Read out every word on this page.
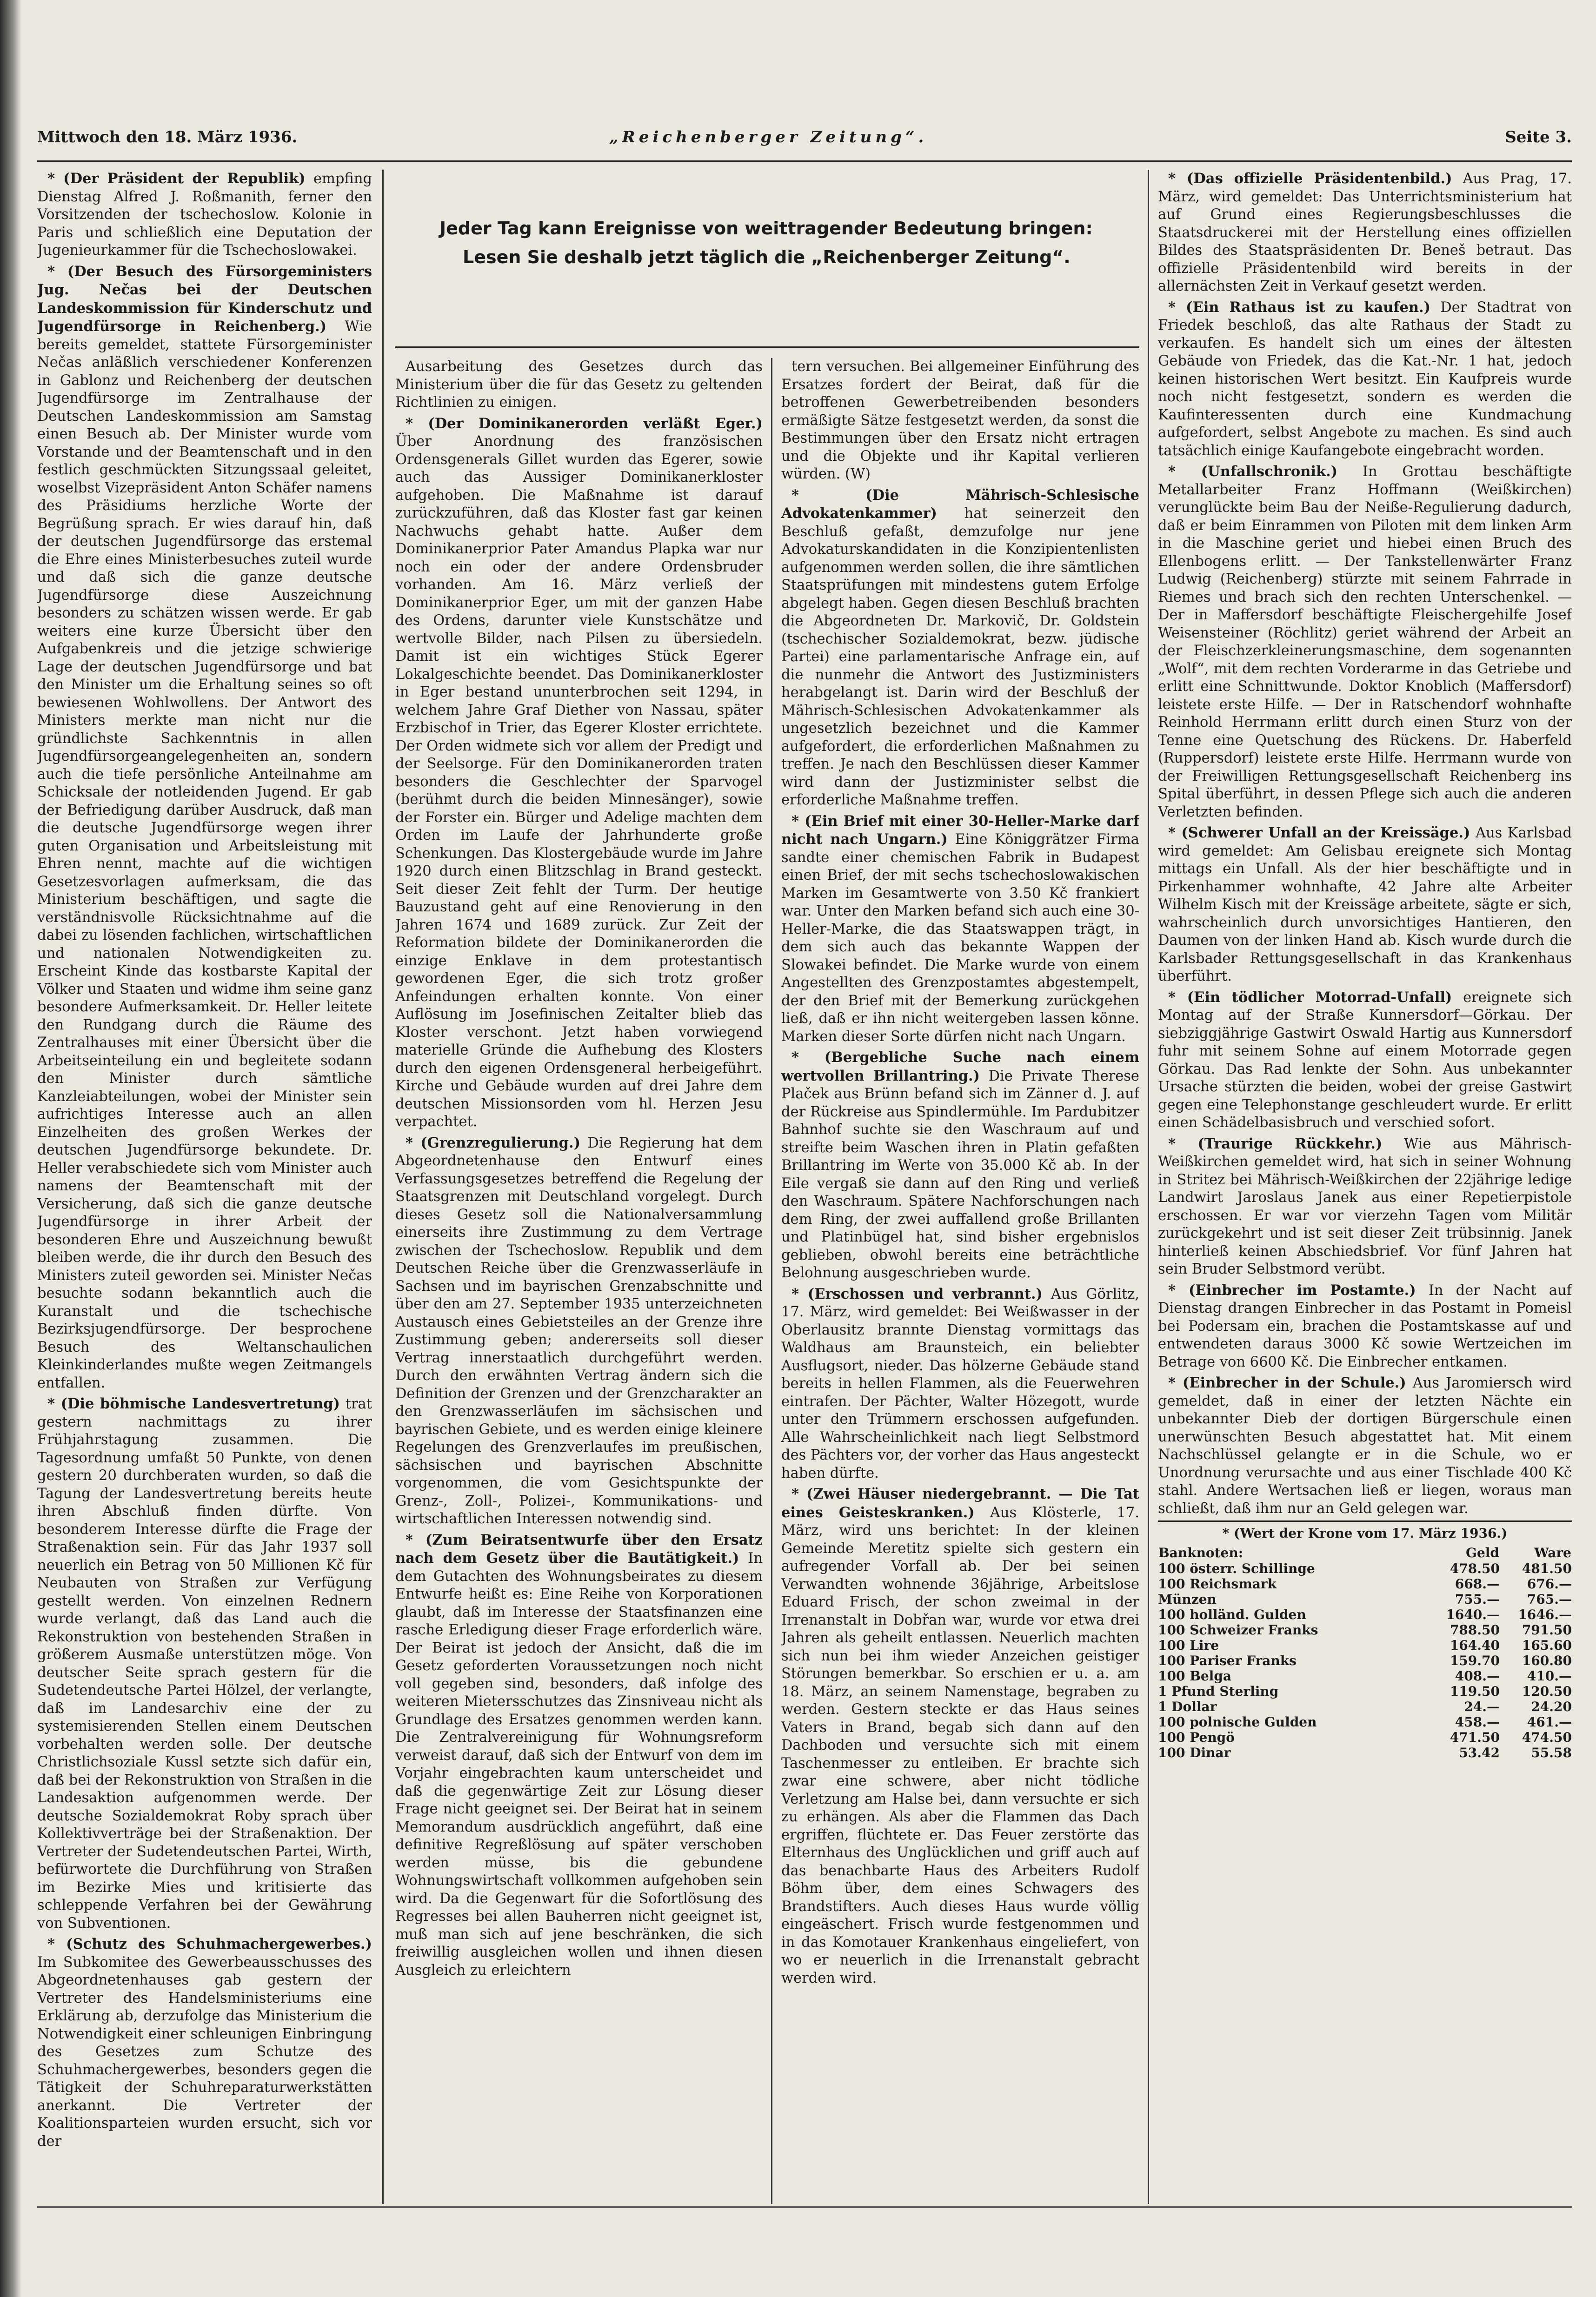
Mittwoch den 18. März 1936.	„Reichenberger Zeitung“.	Seite 3.

* (Der Präsident der Republik) empfing Dienstag Alfred J. Roßmanith, ferner den Vorsitzenden der tschechoslow. Kolonie in Paris und schließlich eine Deputation der Jugenieurkammer für die Tschechoslowakei.

* (Der Besuch des Fürsorgeministers Jug. Nečas bei der Deutschen Landeskommission für Kinderschutz und Jugendfürsorge in Reichenberg.) Wie bereits gemeldet, stattete Fürsorgeminister Nečas anläßlich verschiedener Konferenzen in Gablonz und Reichenberg der deutschen Jugendfürsorge im Zentralhause der Deutschen Landeskommission am Samstag einen Besuch ab. Der Minister wurde vom Vorstande und der Beamtenschaft und in den festlich geschmückten Sitzungssaal geleitet, woselbst Vizepräsident Anton Schäfer namens des Präsidiums herzliche Worte der Begrüßung sprach. Er wies darauf hin, daß der deutschen Jugendfürsorge das erstemal die Ehre eines Ministerbesuches zuteil wurde und daß sich die ganze deutsche Jugendfürsorge diese Auszeichnung besonders zu schätzen wissen werde. Er gab weiters eine kurze Übersicht über den Aufgabenkreis und die jetzige schwierige Lage der deutschen Jugendfürsorge und bat den Minister um die Erhaltung seines so oft bewiesenen Wohlwollens. Der Antwort des Ministers merkte man nicht nur die gründlichste Sachkenntnis in allen Jugendfürsorgeangelegenheiten an, sondern auch die tiefe persönliche Anteilnahme am Schicksale der notleidenden Jugend. Er gab der Befriedigung darüber Ausdruck, daß man die deutsche Jugendfürsorge wegen ihrer guten Organisation und Arbeitsleistung mit Ehren nennt, machte auf die wichtigen Gesetzesvorlagen aufmerksam, die das Ministerium beschäftigen, und sagte die verständnisvolle Rücksichtnahme auf die dabei zu lösenden fachlichen, wirtschaftlichen und nationalen Notwendigkeiten zu. Erscheint Kinde das kostbarste Kapital der Völker und Staaten und widme ihm seine ganz besondere Aufmerksamkeit. Dr. Heller leitete den Rundgang durch die Räume des Zentralhauses mit einer Übersicht über die Arbeitseinteilung ein und begleitete sodann den Minister durch sämtliche Kanzleiabteilungen, wobei der Minister sein aufrichtiges Interesse auch an allen Einzelheiten des großen Werkes der deutschen Jugendfürsorge bekundete. Dr. Heller verabschiedete sich vom Minister auch namens der Beamtenschaft mit der Versicherung, daß sich die ganze deutsche Jugendfürsorge in ihrer Arbeit der besonderen Ehre und Auszeichnung bewußt bleiben werde, die ihr durch den Besuch des Ministers zuteil geworden sei. Minister Nečas besuchte sodann bekanntlich auch die Kuranstalt und die tschechische Bezirksjugendfürsorge. Der besprochene Besuch des Weltanschaulichen Kleinkinderlandes mußte wegen Zeitmangels entfallen.

* (Die böhmische Landesvertretung) trat gestern nachmittags zu ihrer Frühjahrstagung zusammen. Die Tagesordnung umfaßt 50 Punkte, von denen gestern 20 durchberaten wurden, so daß die Tagung der Landesvertretung bereits heute ihren Abschluß finden dürfte. Von besonderem Interesse dürfte die Frage der Straßenaktion sein. Für das Jahr 1937 soll neuerlich ein Betrag von 50 Millionen Kč für Neubauten von Straßen zur Verfügung gestellt werden. Von einzelnen Rednern wurde verlangt, daß das Land auch die Rekonstruktion von bestehenden Straßen in größerem Ausmaße unterstützen möge. Von deutscher Seite sprach gestern für die Sudetendeutsche Partei Hölzel, der verlangte, daß im Landesarchiv eine der zu systemisierenden Stellen einem Deutschen vorbehalten werden solle. Der deutsche Christlichsoziale Kussl setzte sich dafür ein, daß bei der Rekonstruktion von Straßen in die Landesaktion aufgenommen werde. Der deutsche Sozialdemokrat Roby sprach über Kollektivverträge bei der Straßenaktion. Der Vertreter der Sudetendeutschen Partei, Wirth, befürwortete die Durchführung von Straßen im Bezirke Mies und kritisierte das schleppende Verfahren bei der Gewährung von Subventionen.

* (Schutz des Schuhmachergewerbes.) Im Subkomitee des Gewerbeausschusses des Abgeordnetenhauses gab gestern der Vertreter des Handelsministeriums eine Erklärung ab, derzufolge das Ministerium die Notwendigkeit einer schleunigen Einbringung des Gesetzes zum Schutze des Schuhmachergewerbes, besonders gegen die Tätigkeit der Schuhreparaturwerkstätten anerkannt. Die Vertreter der Koalitionsparteien wurden ersucht, sich vor der

Jeder Tag kann Ereignisse von weittragender Bedeutung bringen:
Lesen Sie deshalb jetzt täglich die „Reichenberger Zeitung“.

Ausarbeitung des Gesetzes durch das Ministerium über die für das Gesetz zu geltenden Richtlinien zu einigen.

* (Der Dominikanerorden verläßt Eger.) Über Anordnung des französischen Ordensgenerals Gillet wurden das Egerer, sowie auch das Aussiger Dominikanerkloster aufgehoben. Die Maßnahme ist darauf zurückzuführen, daß das Kloster fast gar keinen Nachwuchs gehabt hatte. Außer dem Dominikanerprior Pater Amandus Plapka war nur noch ein oder der andere Ordensbruder vorhanden. Am 16. März verließ der Dominikanerprior Eger, um mit der ganzen Habe des Ordens, darunter viele Kunstschätze und wertvolle Bilder, nach Pilsen zu übersiedeln. Damit ist ein wichtiges Stück Egerer Lokalgeschichte beendet. Das Dominikanerkloster in Eger bestand ununterbrochen seit 1294, in welchem Jahre Graf Diether von Nassau, später Erzbischof in Trier, das Egerer Kloster errichtete. Der Orden widmete sich vor allem der Predigt und der Seelsorge. Für den Dominikanerorden traten besonders die Geschlechter der Sparvogel (berühmt durch die beiden Minnesänger), sowie der Forster ein. Bürger und Adelige machten dem Orden im Laufe der Jahrhunderte große Schenkungen. Das Klostergebäude wurde im Jahre 1920 durch einen Blitzschlag in Brand gesteckt. Seit dieser Zeit fehlt der Turm. Der heutige Bauzustand geht auf eine Renovierung in den Jahren 1674 und 1689 zurück. Zur Zeit der Reformation bildete der Dominikanerorden die einzige Enklave in dem protestantisch gewordenen Eger, die sich trotz großer Anfeindungen erhalten konnte. Von einer Auflösung im Josefinischen Zeitalter blieb das Kloster verschont. Jetzt haben vorwiegend materielle Gründe die Aufhebung des Klosters durch den eigenen Ordensgeneral herbeigeführt. Kirche und Gebäude wurden auf drei Jahre dem deutschen Missionsorden vom hl. Herzen Jesu verpachtet.

* (Grenzregulierung.) Die Regierung hat dem Abgeordnetenhause den Entwurf eines Verfassungsgesetzes betreffend die Regelung der Staatsgrenzen mit Deutschland vorgelegt. Durch dieses Gesetz soll die Nationalversammlung einerseits ihre Zustimmung zu dem Vertrage zwischen der Tschechoslow. Republik und dem Deutschen Reiche über die Grenzwasserläufe in Sachsen und im bayrischen Grenzabschnitte und über den am 27. September 1935 unterzeichneten Austausch eines Gebietsteiles an der Grenze ihre Zustimmung geben; andererseits soll dieser Vertrag innerstaatlich durchgeführt werden. Durch den erwähnten Vertrag ändern sich die Definition der Grenzen und der Grenzcharakter an den Grenzwasserläufen im sächsischen und bayrischen Gebiete, und es werden einige kleinere Regelungen des Grenzverlaufes im preußischen, sächsischen und bayrischen Abschnitte vorgenommen, die vom Gesichtspunkte der Grenz-, Zoll-, Polizei-, Kommunikations- und wirtschaftlichen Interessen notwendig sind.

* (Zum Beiratsentwurfe über den Ersatz nach dem Gesetz über die Bautätigkeit.) In dem Gutachten des Wohnungsbeirates zu diesem Entwurfe heißt es: Eine Reihe von Korporationen glaubt, daß im Interesse der Staatsfinanzen eine rasche Erledigung dieser Frage erforderlich wäre. Der Beirat ist jedoch der Ansicht, daß die im Gesetz geforderten Voraussetzungen noch nicht voll gegeben sind, besonders, daß infolge des weiteren Mietersschutzes das Zinsniveau nicht als Grundlage des Ersatzes genommen werden kann. Die Zentralvereinigung für Wohnungsreform verweist darauf, daß sich der Entwurf von dem im Vorjahr eingebrachten kaum unterscheidet und daß die gegenwärtige Zeit zur Lösung dieser Frage nicht geeignet sei. Der Beirat hat in seinem Memorandum ausdrücklich angeführt, daß eine definitive Regreßlösung auf später verschoben werden müsse, bis die gebundene Wohnungswirtschaft vollkommen aufgehoben sein wird. Da die Gegenwart für die Sofortlösung des Regresses bei allen Bauherren nicht geeignet ist, muß man sich auf jene beschränken, die sich freiwillig ausgleichen wollen und ihnen diesen Ausgleich zu erleichtern

tern versuchen. Bei allgemeiner Einführung des Ersatzes fordert der Beirat, daß für die betroffenen Gewerbetreibenden besonders ermäßigte Sätze festgesetzt werden, da sonst die Bestimmungen über den Ersatz nicht ertragen und die Objekte und ihr Kapital verlieren würden. (W)

* (Die Mährisch-Schlesische Advokatenkammer) hat seinerzeit den Beschluß gefaßt, demzufolge nur jene Advokaturskandidaten in die Konzipientenlisten aufgenommen werden sollen, die ihre sämtlichen Staatsprüfungen mit mindestens gutem Erfolge abgelegt haben. Gegen diesen Beschluß brachten die Abgeordneten Dr. Markovič, Dr. Goldstein (tschechischer Sozialdemokrat, bezw. jüdische Partei) eine parlamentarische Anfrage ein, auf die nunmehr die Antwort des Justizministers herabgelangt ist. Darin wird der Beschluß der Mährisch-Schlesischen Advokatenkammer als ungesetzlich bezeichnet und die Kammer aufgefordert, die erforderlichen Maßnahmen zu treffen. Je nach den Beschlüssen dieser Kammer wird dann der Justizminister selbst die erforderliche Maßnahme treffen.

* (Ein Brief mit einer 30-Heller-Marke darf nicht nach Ungarn.) Eine Königgrätzer Firma sandte einer chemischen Fabrik in Budapest einen Brief, der mit sechs tschechoslowakischen Marken im Gesamtwerte von 3.50 Kč frankiert war. Unter den Marken befand sich auch eine 30-Heller-Marke, die das Staatswappen trägt, in dem sich auch das bekannte Wappen der Slowakei befindet. Die Marke wurde von einem Angestellten des Grenzpostamtes abgestempelt, der den Brief mit der Bemerkung zurückgehen ließ, daß er ihn nicht weitergeben lassen könne. Marken dieser Sorte dürfen nicht nach Ungarn.

* (Bergebliche Suche nach einem wertvollen Brillantring.) Die Private Therese Plaček aus Brünn befand sich im Zänner d. J. auf der Rückreise aus Spindlermühle. Im Pardubitzer Bahnhof suchte sie den Waschraum auf und streifte beim Waschen ihren in Platin gefaßten Brillantring im Werte von 35.000 Kč ab. In der Eile vergaß sie dann auf den Ring und verließ den Waschraum. Spätere Nachforschungen nach dem Ring, der zwei auffallend große Brillanten und Platinbügel hat, sind bisher ergebnislos geblieben, obwohl bereits eine beträchtliche Belohnung ausgeschrieben wurde.

* (Erschossen und verbrannt.) Aus Görlitz, 17. März, wird gemeldet: Bei Weißwasser in der Oberlausitz brannte Dienstag vormittags das Waldhaus am Braunsteich, ein beliebter Ausflugsort, nieder. Das hölzerne Gebäude stand bereits in hellen Flammen, als die Feuerwehren eintrafen. Der Pächter, Walter Hözegott, wurde unter den Trümmern erschossen aufgefunden. Alle Wahrscheinlichkeit nach liegt Selbstmord des Pächters vor, der vorher das Haus angesteckt haben dürfte.

* (Zwei Häuser niedergebrannt. — Die Tat eines Geisteskranken.) Aus Klösterle, 17. März, wird uns berichtet: In der kleinen Gemeinde Meretitz spielte sich gestern ein aufregender Vorfall ab. Der bei seinen Verwandten wohnende 36jährige, Arbeitslose Eduard Frisch, der schon zweimal in der Irrenanstalt in Dobřan war, wurde vor etwa drei Jahren als geheilt entlassen. Neuerlich machten sich nun bei ihm wieder Anzeichen geistiger Störungen bemerkbar. So erschien er u. a. am 18. März, an seinem Namenstage, begraben zu werden. Gestern steckte er das Haus seines Vaters in Brand, begab sich dann auf den Dachboden und versuchte sich mit einem Taschenmesser zu entleiben. Er brachte sich zwar eine schwere, aber nicht tödliche Verletzung am Halse bei, dann versuchte er sich zu erhängen. Als aber die Flammen das Dach ergriffen, flüchtete er. Das Feuer zerstörte das Elternhaus des Unglücklichen und griff auch auf das benachbarte Haus des Arbeiters Rudolf Böhm über, dem eines Schwagers des Brandstifters. Auch dieses Haus wurde völlig eingeäschert. Frisch wurde festgenommen und in das Komotauer Krankenhaus eingeliefert, von wo er neuerlich in die Irrenanstalt gebracht werden wird.

* (Das offizielle Präsidentenbild.) Aus Prag, 17. März, wird gemeldet: Das Unterrichtsministerium hat auf Grund eines Regierungsbeschlusses die Staatsdruckerei mit der Herstellung eines offiziellen Bildes des Staatspräsidenten Dr. Beneš betraut. Das offizielle Präsidentenbild wird bereits in der allernächsten Zeit in Verkauf gesetzt werden.

* (Ein Rathaus ist zu kaufen.) Der Stadtrat von Friedek beschloß, das alte Rathaus der Stadt zu verkaufen. Es handelt sich um eines der ältesten Gebäude von Friedek, das die Kat.-Nr. 1 hat, jedoch keinen historischen Wert besitzt. Ein Kaufpreis wurde noch nicht festgesetzt, sondern es werden die Kaufinteressenten durch eine Kundmachung aufgefordert, selbst Angebote zu machen. Es sind auch tatsächlich einige Kaufangebote eingebracht worden.

* (Unfallschronik.) In Grottau beschäftigte Metallarbeiter Franz Hoffmann (Weißkirchen) verunglückte beim Bau der Neiße-Regulierung dadurch, daß er beim Einrammen von Piloten mit dem linken Arm in die Maschine geriet und hiebei einen Bruch des Ellenbogens erlitt. — Der Tankstellenwärter Franz Ludwig (Reichenberg) stürzte mit seinem Fahrrade in Riemes und brach sich den rechten Unterschenkel. — Der in Maffersdorf beschäftigte Fleischergehilfe Josef Weisensteiner (Röchlitz) geriet während der Arbeit an der Fleischzerkleinerungsmaschine, dem sogenannten „Wolf“, mit dem rechten Vorderarme in das Getriebe und erlitt eine Schnittwunde. Doktor Knoblich (Maffersdorf) leistete erste Hilfe. — Der in Ratschendorf wohnhafte Reinhold Herrmann erlitt durch einen Sturz von der Tenne eine Quetschung des Rückens. Dr. Haberfeld (Ruppersdorf) leistete erste Hilfe. Herrmann wurde von der Freiwilligen Rettungsgesellschaft Reichenberg ins Spital überführt, in dessen Pflege sich auch die anderen Verletzten befinden.

* (Schwerer Unfall an der Kreissäge.) Aus Karlsbad wird gemeldet: Am Gelisbau ereignete sich Montag mittags ein Unfall. Als der hier beschäftigte und in Pirkenhammer wohnhafte, 42 Jahre alte Arbeiter Wilhelm Kisch mit der Kreissäge arbeitete, sägte er sich, wahrscheinlich durch unvorsichtiges Hantieren, den Daumen von der linken Hand ab. Kisch wurde durch die Karlsbader Rettungsgesellschaft in das Krankenhaus überführt.

* (Ein tödlicher Motorrad-Unfall) ereignete sich Montag auf der Straße Kunnersdorf—Görkau. Der siebziggjährige Gastwirt Oswald Hartig aus Kunnersdorf fuhr mit seinem Sohne auf einem Motorrade gegen Görkau. Das Rad lenkte der Sohn. Aus unbekannter Ursache stürzten die beiden, wobei der greise Gastwirt gegen eine Telephonstange geschleudert wurde. Er erlitt einen Schädelbasisbruch und verschied sofort.

* (Traurige Rückkehr.) Wie aus Mährisch-Weißkirchen gemeldet wird, hat sich in seiner Wohnung in Stritez bei Mährisch-Weißkirchen der 22jährige ledige Landwirt Jaroslaus Janek aus einer Repetierpistole erschossen. Er war vor vierzehn Tagen vom Militär zurückgekehrt und ist seit dieser Zeit trübsinnig. Janek hinterließ keinen Abschiedsbrief. Vor fünf Jahren hat sein Bruder Selbstmord verübt.

* (Einbrecher im Postamte.) In der Nacht auf Dienstag drangen Einbrecher in das Postamt in Pomeisl bei Podersam ein, brachen die Postamtskasse auf und entwendeten daraus 3000 Kč sowie Wertzeichen im Betrage von 6600 Kč. Die Einbrecher entkamen.

* (Einbrecher in der Schule.) Aus Jaromiersch wird gemeldet, daß in einer der letzten Nächte ein unbekannter Dieb der dortigen Bürgerschule einen unerwünschten Besuch abgestattet hat. Mit einem Nachschlüssel gelangte er in die Schule, wo er Unordnung verursachte und aus einer Tischlade 400 Kč stahl. Andere Wertsachen ließ er liegen, woraus man schließt, daß ihm nur an Geld gelegen war.

* (Wert der Krone vom 17. März 1936.)
Banknoten:	Geld	Ware
100 österr. Schillinge	478.50	481.50
100 Reichsmark	668.—	676.—
Münzen	755.—	765.—
100 holländ. Gulden	1640.—	1646.—
100 Schweizer Franks	788.50	791.50
100 Lire	164.40	165.60
100 Pariser Franks	159.70	160.80
100 Belga	408.—	410.—
1 Pfund Sterling	119.50	120.50
1 Dollar	24.—	24.20
100 polnische Gulden	458.—	461.—
100 Pengö	471.50	474.50
100 Dinar	53.42	55.58
